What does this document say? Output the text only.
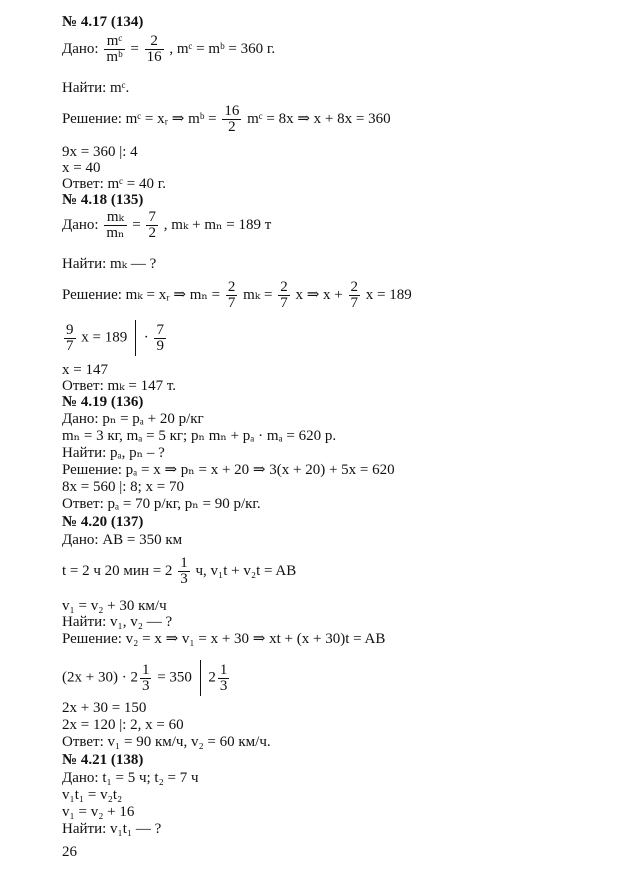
№ 4.17 (134)
Дано: $\frac{\text{mᶜ}}{\text{mᵇ}} = \frac{2}{16}$ , mᶜ = mᵇ = 360 г.
Найти: mᶜ.
Решение: mᶜ = xᵣ ⇒ mᵇ = $\frac{16}{2}$ mᶜ = 8x ⇒ x + 8x = 360
9x = 360 |: 4
x = 40
Ответ: mᶜ = 40 г.
№ 4.18 (135)
Дано: $\frac{\text{mₖ}}{\text{mₙ}} = \frac{7}{2}$ , mₖ + mₙ = 189 т
Найти: mₖ — ?
Решение: mₖ = xᵣ ⇒ $m_n = \frac{2}{7}$ $m_k = \frac{2}{7}$ x ⇒ $x + \frac{2}{7}$ x = 189
$\frac{9}{7}$ $x = 189 \cdot \frac{7}{9}$
x = 147
Ответ: mₖ = 147 т.
№ 4.19 (136)
Дано: pₙ = pₐ + 20 р/кг
mₙ = 3 кг, mₐ = 5 кг; pₙ mₙ + pₐ · mₐ = 620 р.
Найти: pₐ, pₙ – ?
Решение: pₐ = x ⇒ pₙ = x + 20 ⇒ 3(x + 20) + 5x = 620
8x = 560 |: 8; x = 70
Ответ: pₐ = 70 р/кг, pₙ = 90 р/кг.
№ 4.20 (137)
Дано: AB = 350 км
t = 2 ч 20 мин = $2 \frac{1}{3} ч$, v₁t + v₂t = AB
v₁ = v₂ + 30 км/ч
Найти: v₁, v₂ — ?
Решение: v₂ = x ⇒ v₁ = x + 30 ⇒ xt + (x + 30)t = AB
$(2x + 30) \cdot 2 \frac{1}{3} = 350$ $2 \frac{1}{3}$
2x + 30 = 150
2x = 120 |: 2, x = 60
Ответ: v₁ = 90 км/ч, v₂ = 60 км/ч.
№ 4.21 (138)
Дано: t₁ = 5 ч; t₂ = 7 ч
v₁t₁ = v₂t₂
v₁ = v₂ + 16
Найти: v₁t₁ — ?
26
